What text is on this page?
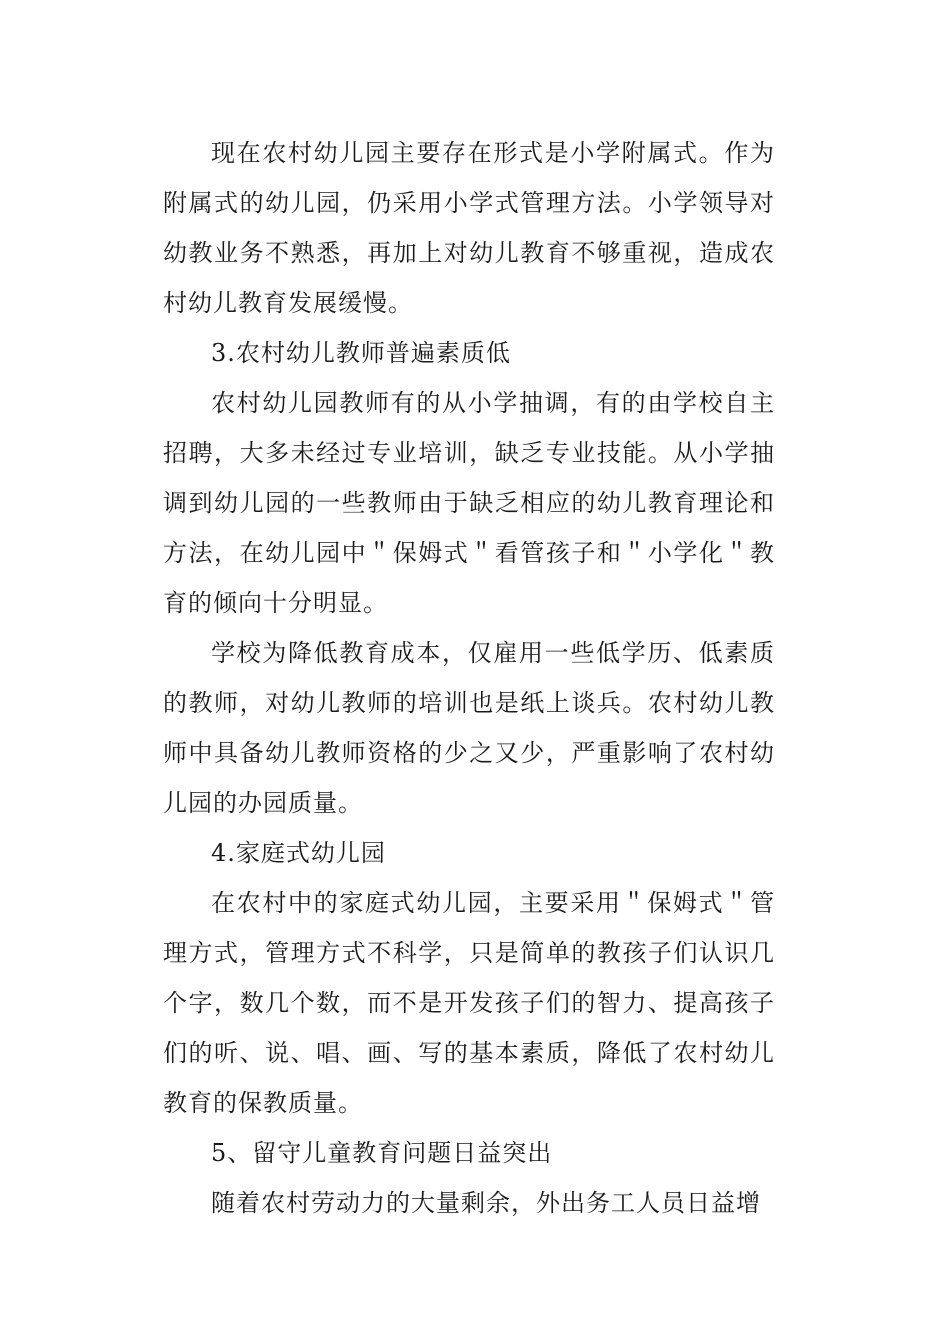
现在农村幼儿园主要存在形式是小学附属式。作为附属式的幼儿园，仍采用小学式管理方法。小学领导对幼教业务不熟悉，再加上对幼儿教育不够重视，造成农村幼儿教育发展缓慢。

3.农村幼儿教师普遍素质低

农村幼儿园教师有的从小学抽调，有的由学校自主招聘，大多未经过专业培训，缺乏专业技能。从小学抽调到幼儿园的一些教师由于缺乏相应的幼儿教育理论和方法，在幼儿园中＂保姆式＂看管孩子和＂小学化＂教育的倾向十分明显。

学校为降低教育成本，仅雇用一些低学历、低素质的教师，对幼儿教师的培训也是纸上谈兵。农村幼儿教师中具备幼儿教师资格的少之又少，严重影响了农村幼儿园的办园质量。

4.家庭式幼儿园

在农村中的家庭式幼儿园，主要采用＂保姆式＂管理方式，管理方式不科学，只是简单的教孩子们认识几个字，数几个数，而不是开发孩子们的智力、提高孩子们的听、说、唱、画、写的基本素质，降低了农村幼儿教育的保教质量。

5、留守儿童教育问题日益突出

随着农村劳动力的大量剩余，外出务工人员日益增
